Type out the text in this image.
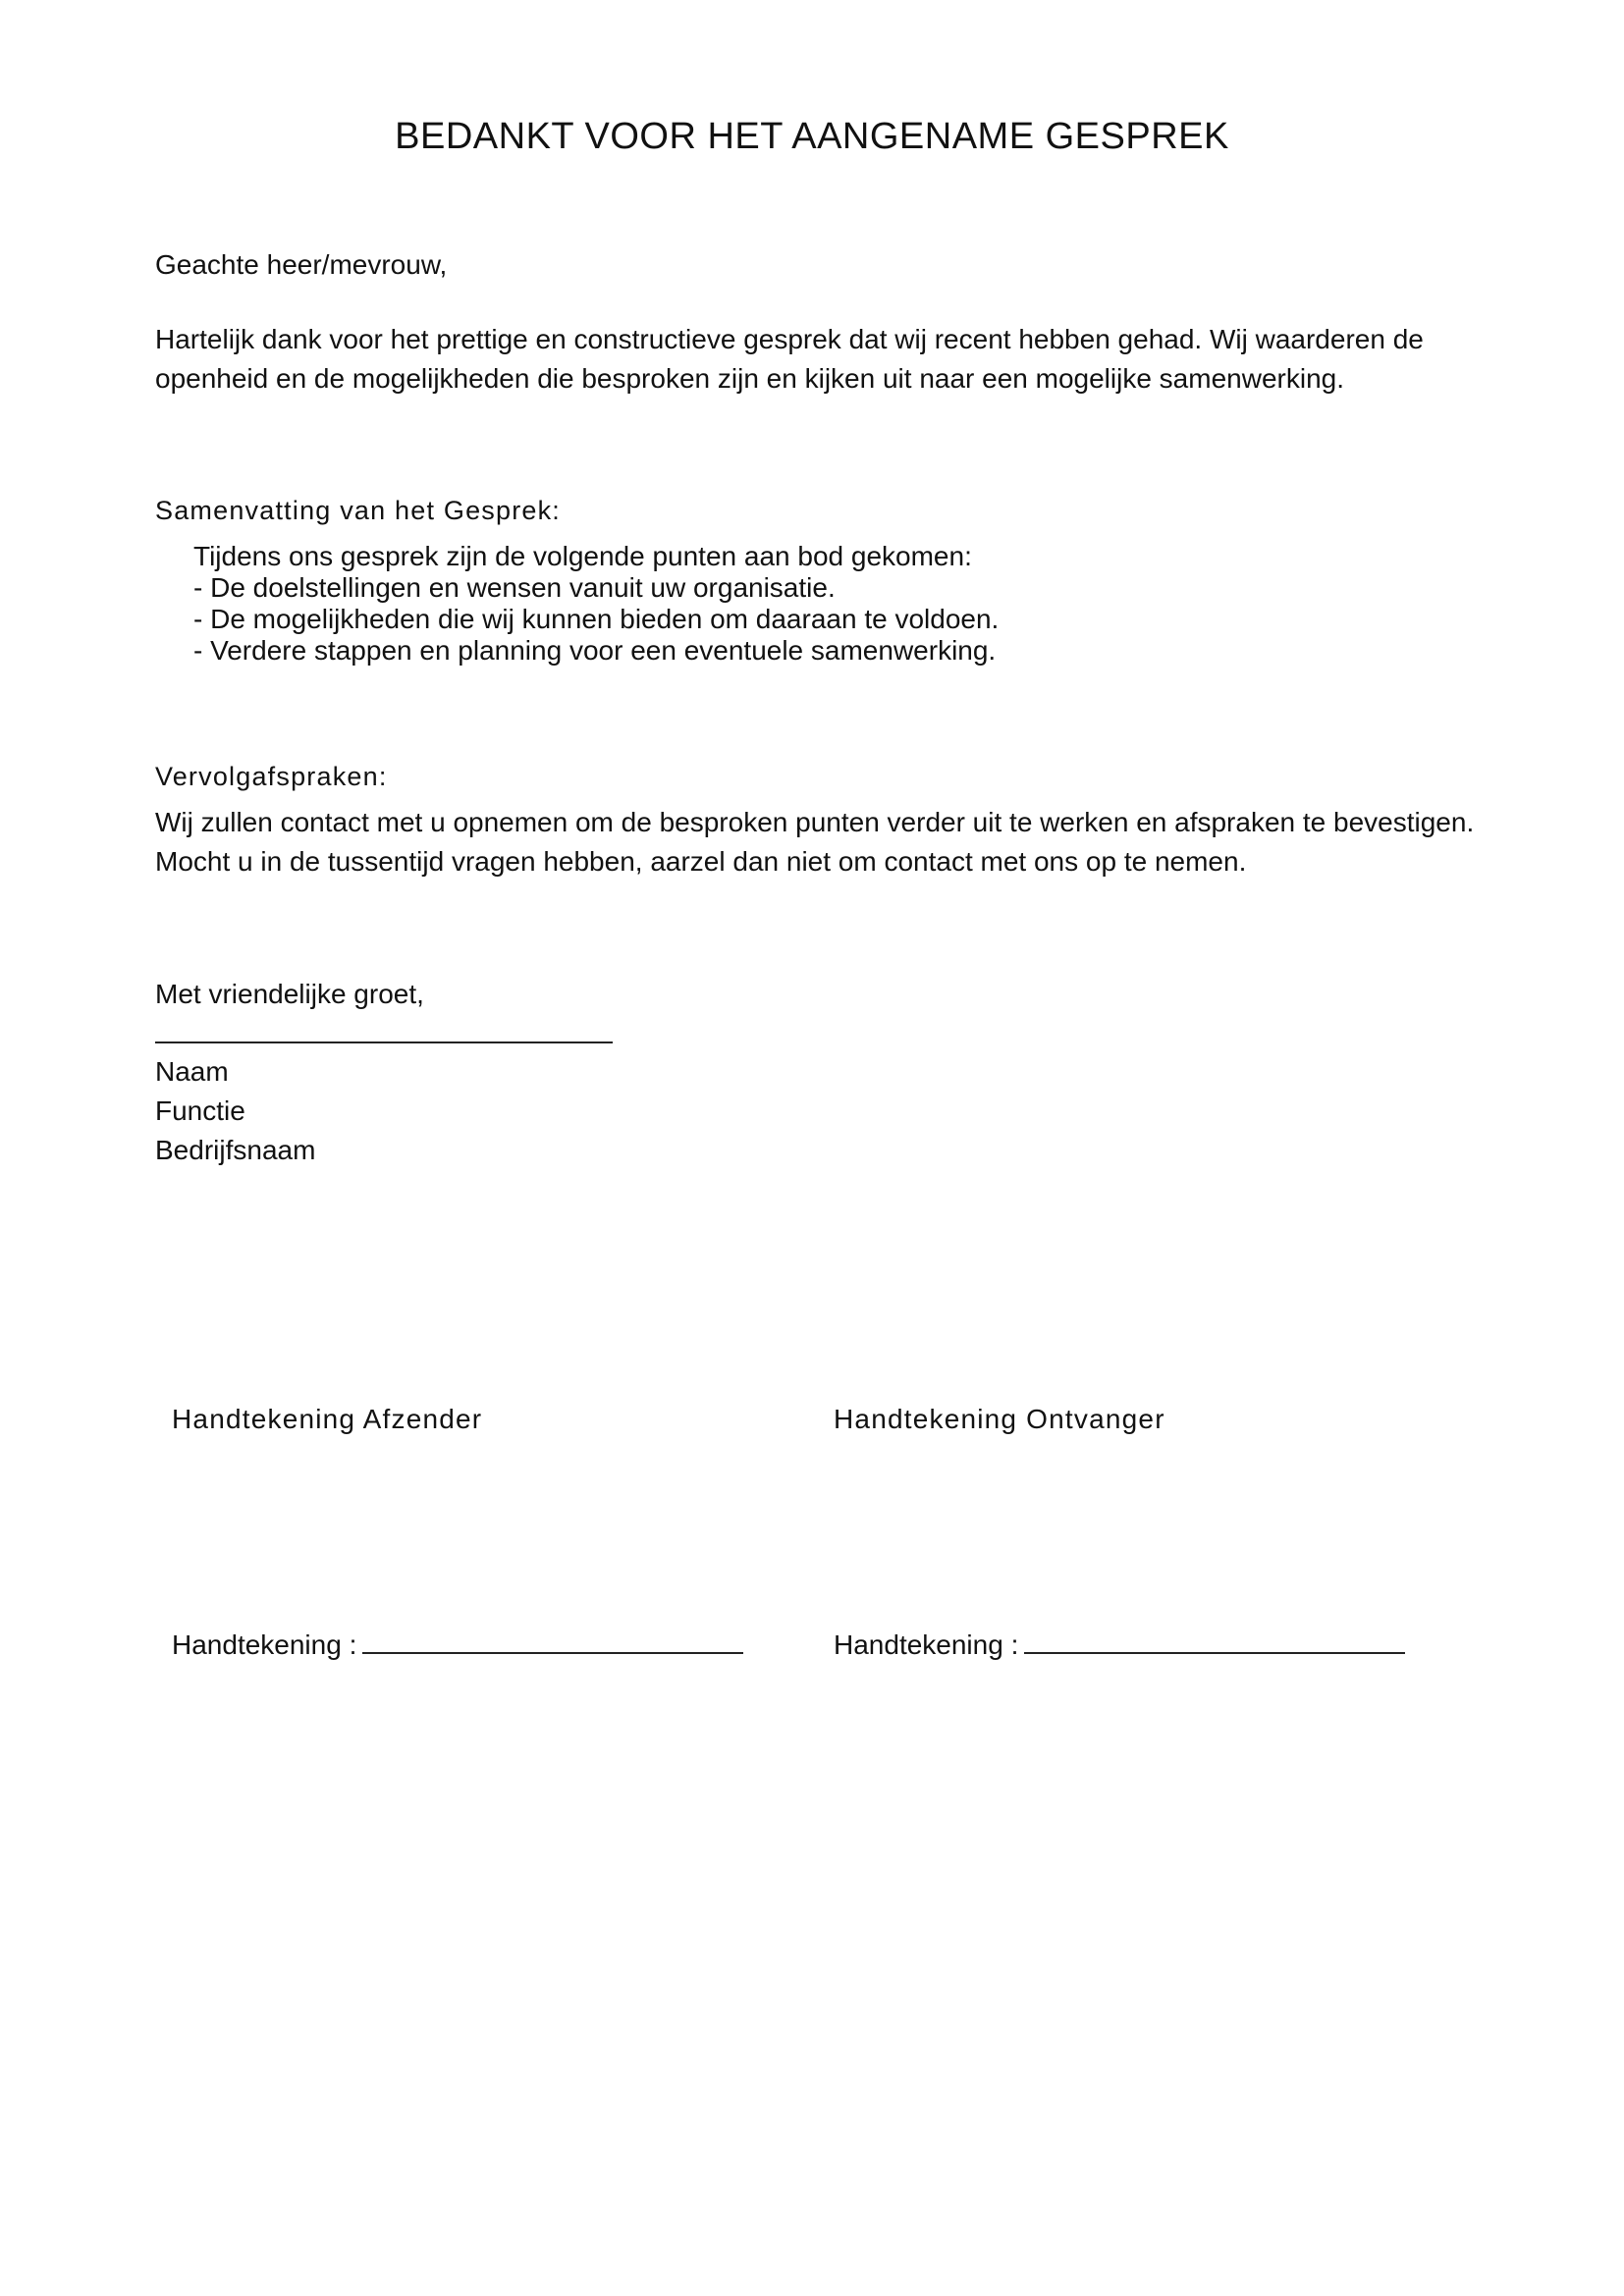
BEDANKT VOOR HET AANGENAME GESPREK
Geachte heer/mevrouw,
Hartelijk dank voor het prettige en constructieve gesprek dat wij recent hebben gehad. Wij waarderen de
openheid en de mogelijkheden die besproken zijn en kijken uit naar een mogelijke samenwerking.
Samenvatting van het Gesprek:
Tijdens ons gesprek zijn de volgende punten aan bod gekomen:
- De doelstellingen en wensen vanuit uw organisatie.
- De mogelijkheden die wij kunnen bieden om daaraan te voldoen.
- Verdere stappen en planning voor een eventuele samenwerking.
Vervolgafspraken:
Wij zullen contact met u opnemen om de besproken punten verder uit te werken en afspraken te bevestigen.
Mocht u in de tussentijd vragen hebben, aarzel dan niet om contact met ons op te nemen.
Met vriendelijke groet,
Naam
Functie
Bedrijfsnaam
Handtekening Afzender	Handtekening Ontvanger
Handtekening :	Handtekening :
